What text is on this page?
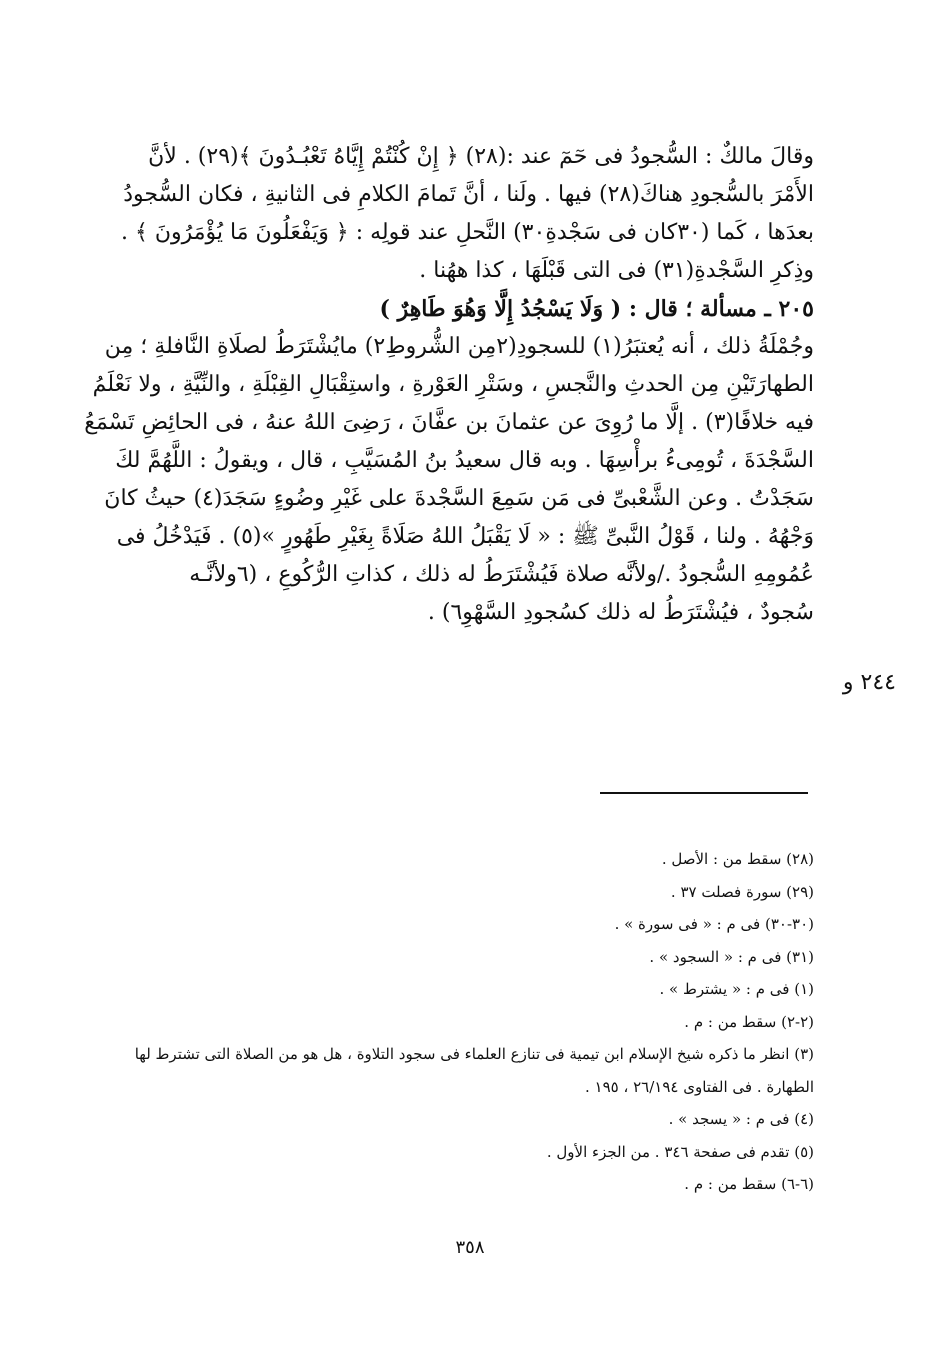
وقالَ مالكٌ : السُّجودُ فى حٓمٓ عند :(٢٨) ﴿ إِنْ كُنْتُمْ إِيَّاهُ تَعْبُـدُونَ ﴾(٢٩) . لأنَّ
الأَمْرَ بالسُّجودِ هناكَ(٢٨) فيها . ولَنا ، أنَّ تَمامَ الكلامِ فى الثانيةِ ، فكان السُّجودُ
بعدَها ، كَما (٣٠كان فى سَجْدةِ٣٠) النَّحلِ عند قولِه : ﴿ وَيَفْعَلُونَ مَا يُؤْمَرُونَ ﴾ .
وذِكرِ السَّجْدةِ(٣١) فى التى قَبْلَهَا ، كذا ههُنا .
٢٠٥ ـ مسألة ؛ قال : ( وَلَا يَسْجُدُ إِلَّا وَهُوَ طَاهِرٌ )
وجُمْلَةُ ذلك ، أنه يُعتبَرُ(١) للسجودِ(٢مِن الشُّروطِ٢) مايُشْتَرَطُ لصلَاةِ النَّافلةِ ؛ مِن
الطهارَتَيْنِ مِن الحدثِ والنَّجسِ ، وسَتْرِ العَوْرةِ ، واستِقْبَالِ القِبْلَةِ ، والنِّيَّةِ ، ولا نَعْلَمُ
فيه خلافًا(٣) . إلَّا ما رُوِىَ عن عثمانَ بن عفَّانَ ، رَضِىَ اللهُ عنهُ ، فى الحائِضِ تَسْمَعُ
السَّجْدَةَ ، تُومِىءُ برأْسِهَا . وبه قال سعيدُ بنُ المُسَيَّبِ ، قال ، ويقولُ : اللَّهُمَّ لكَ
سَجَدْتُ . وعن الشَّعْبىِّ فى مَن سَمِعَ السَّجْدةَ على غَيْرِ وضُوءٍ سَجَدَ(٤) حيثُ كانَ
وَجْهُهُ . ولنا ، قَوْلُ النَّبىِّ ﷺ : « لَا يَقْبَلُ اللهُ صَلَاةً بِغَيْرِ طَهُورٍ »(٥) . فَيَدْخُلُ فى
عُمُومِهِ السُّجودُ ./ولأنَّه صلاة فَيُشْتَرَطُ له ذلك ، كذاتِ الرُّكُوعِ ، (٦ولأنَّـه
سُجودٌ ، فيُشْتَرَطُ له ذلك كسُجودِ السَّهْوِ٦) .
٢٤٤ و
(٢٨) سقط من : الأصل .
(٢٩) سورة فصلت ٣٧ .
(٣٠-٣٠) فى م : « فى سورة » .
(٣١) فى م : « السجود » .
(١) فى م : « يشترط » .
(٢-٢) سقط من : م .
(٣) انظر ما ذكره شيخ الإسلام ابن تيمية فى تنازع العلماء فى سجود التلاوة ، هل هو من الصلاة التى تشترط لها
الطهارة . فى الفتاوى ٢٦/١٩٤ ، ١٩٥ .
(٤) فى م : « يسجد » .
(٥) تقدم فى صفحة ٣٤٦ . من الجزء الأول .
(٦-٦) سقط من : م .
٣٥٨
